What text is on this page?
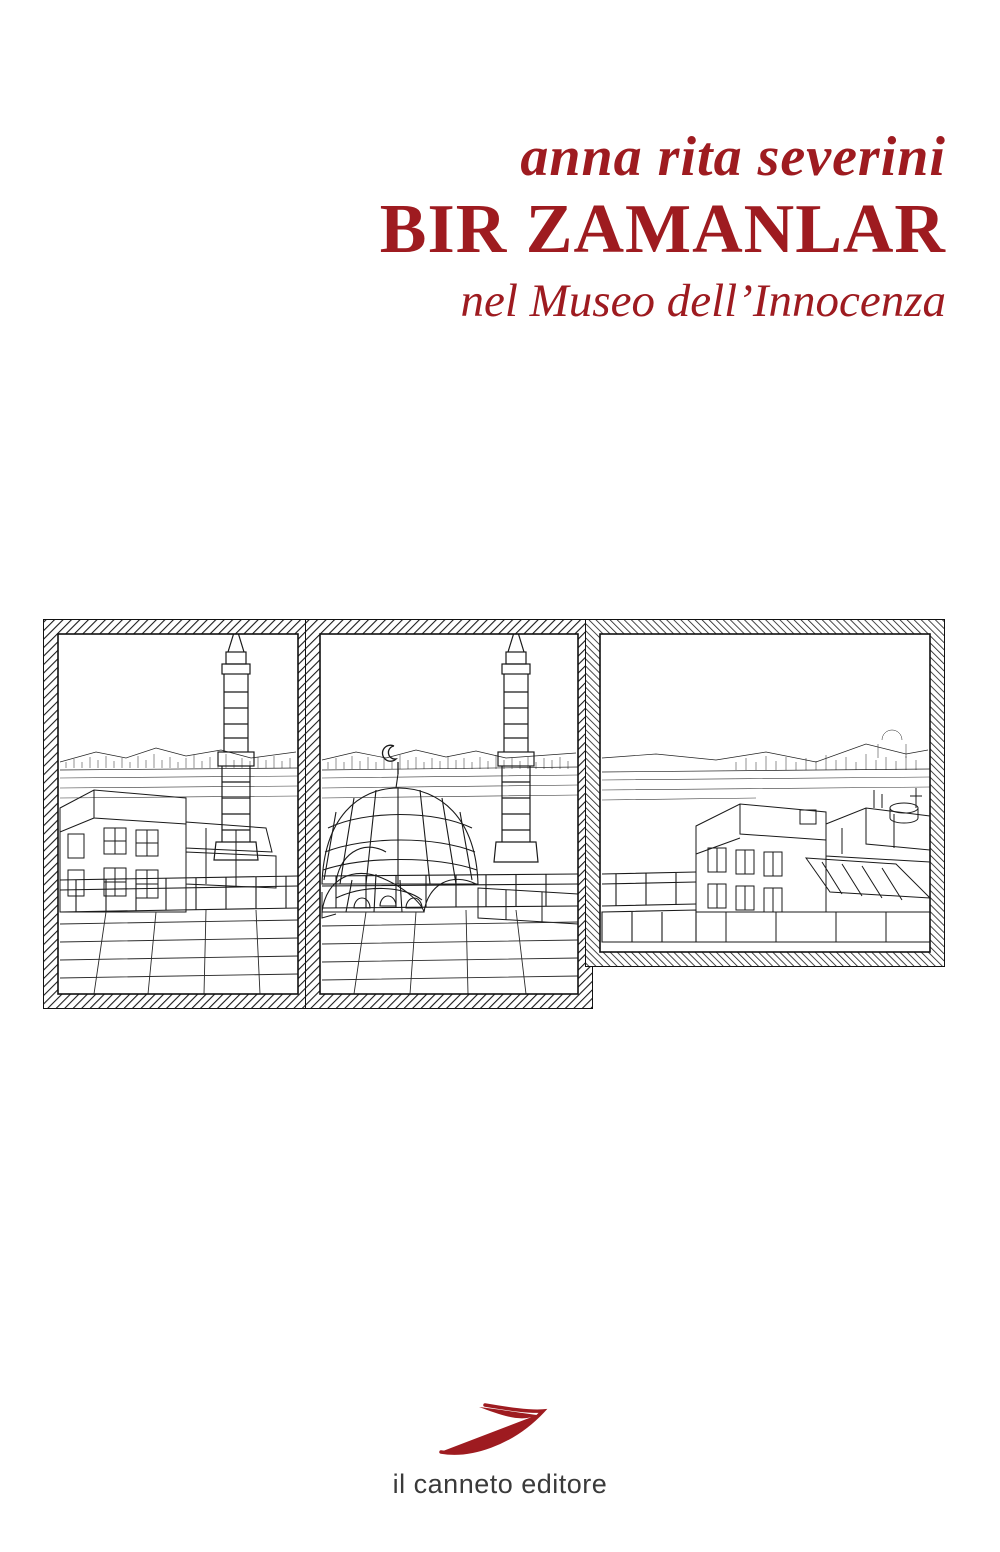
anna rita severini
BIR ZAMANLAR
nel Museo dell’Innocenza
il canneto editore
